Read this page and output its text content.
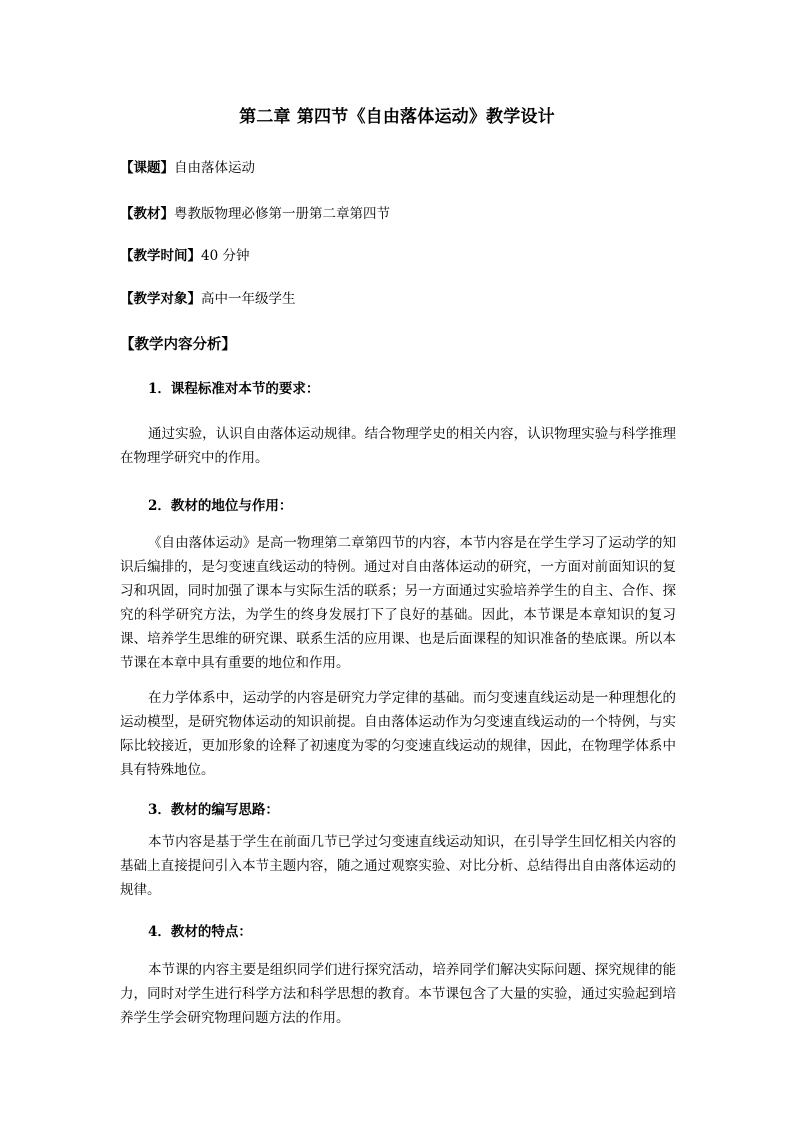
第二章 第四节《自由落体运动》教学设计
【课题】自由落体运动
【教材】粤教版物理必修第一册第二章第四节
【教学时间】40 分钟
【教学对象】高中一年级学生
【教学内容分析】
1．课程标准对本节的要求：
通过实验，认识自由落体运动规律。结合物理学史的相关内容，认识物理实验与科学推理在物理学研究中的作用。
2．教材的地位与作用：
《自由落体运动》是高一物理第二章第四节的内容，本节内容是在学生学习了运动学的知识后编排的，是匀变速直线运动的特例。通过对自由落体运动的研究，一方面对前面知识的复习和巩固，同时加强了课本与实际生活的联系；另一方面通过实验培养学生的自主、合作、探究的科学研究方法，为学生的终身发展打下了良好的基础。因此，本节课是本章知识的复习课、培养学生思维的研究课、联系生活的应用课、也是后面课程的知识准备的垫底课。所以本节课在本章中具有重要的地位和作用。
在力学体系中，运动学的内容是研究力学定律的基础。而匀变速直线运动是一种理想化的运动模型，是研究物体运动的知识前提。自由落体运动作为匀变速直线运动的一个特例，与实际比较接近，更加形象的诠释了初速度为零的匀变速直线运动的规律，因此，在物理学体系中具有特殊地位。
3．教材的编写思路：
本节内容是基于学生在前面几节已学过匀变速直线运动知识，在引导学生回忆相关内容的基础上直接提问引入本节主题内容，随之通过观察实验、对比分析、总结得出自由落体运动的规律。
4．教材的特点：
本节课的内容主要是组织同学们进行探究活动，培养同学们解决实际问题、探究规律的能力，同时对学生进行科学方法和科学思想的教育。本节课包含了大量的实验，通过实验起到培养学生学会研究物理问题方法的作用。
